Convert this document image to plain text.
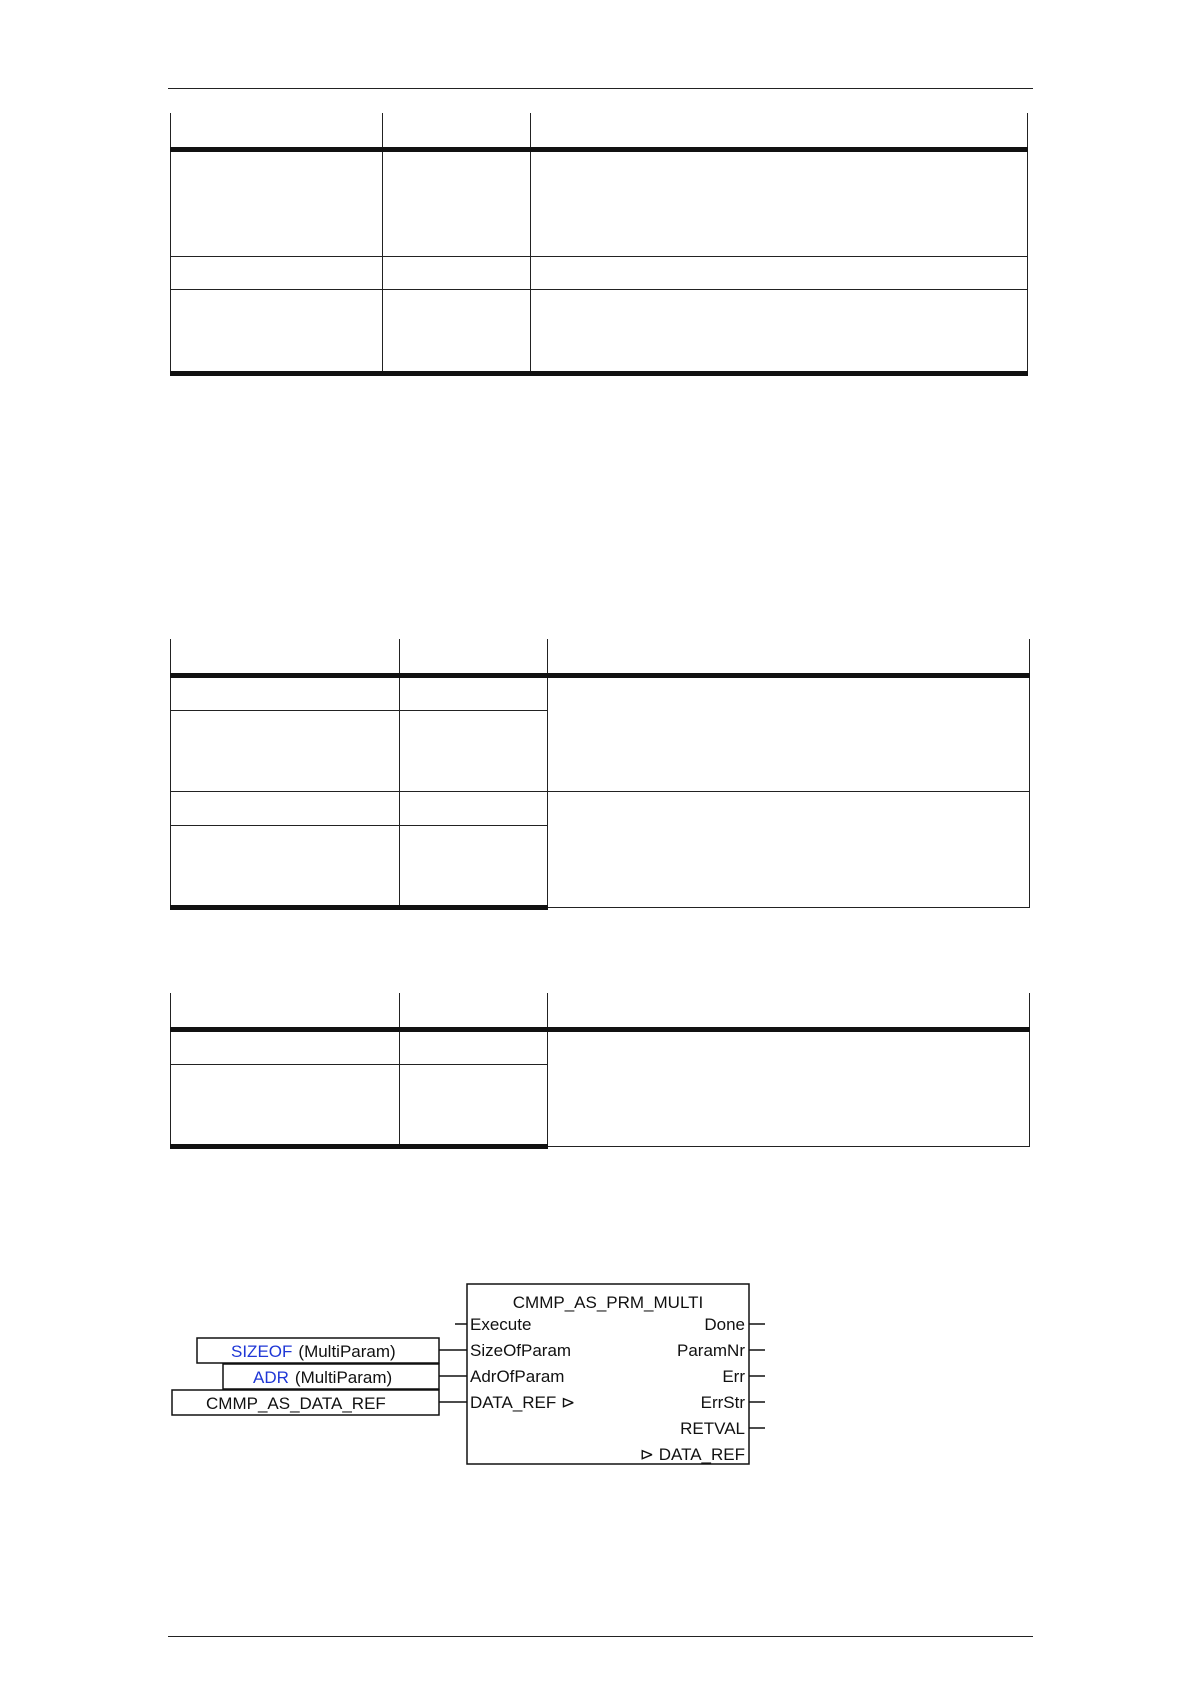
CMMP_AS_PRM_MULTI
Execute
SizeOfParam
AdrOfParam
DATA_REF ⊳
Done
ParamNr
Err
ErrStr
RETVAL
⊳ DATA_REF
SIZEOF (MultiParam)
ADR (MultiParam)
CMMP_AS_DATA_REF
